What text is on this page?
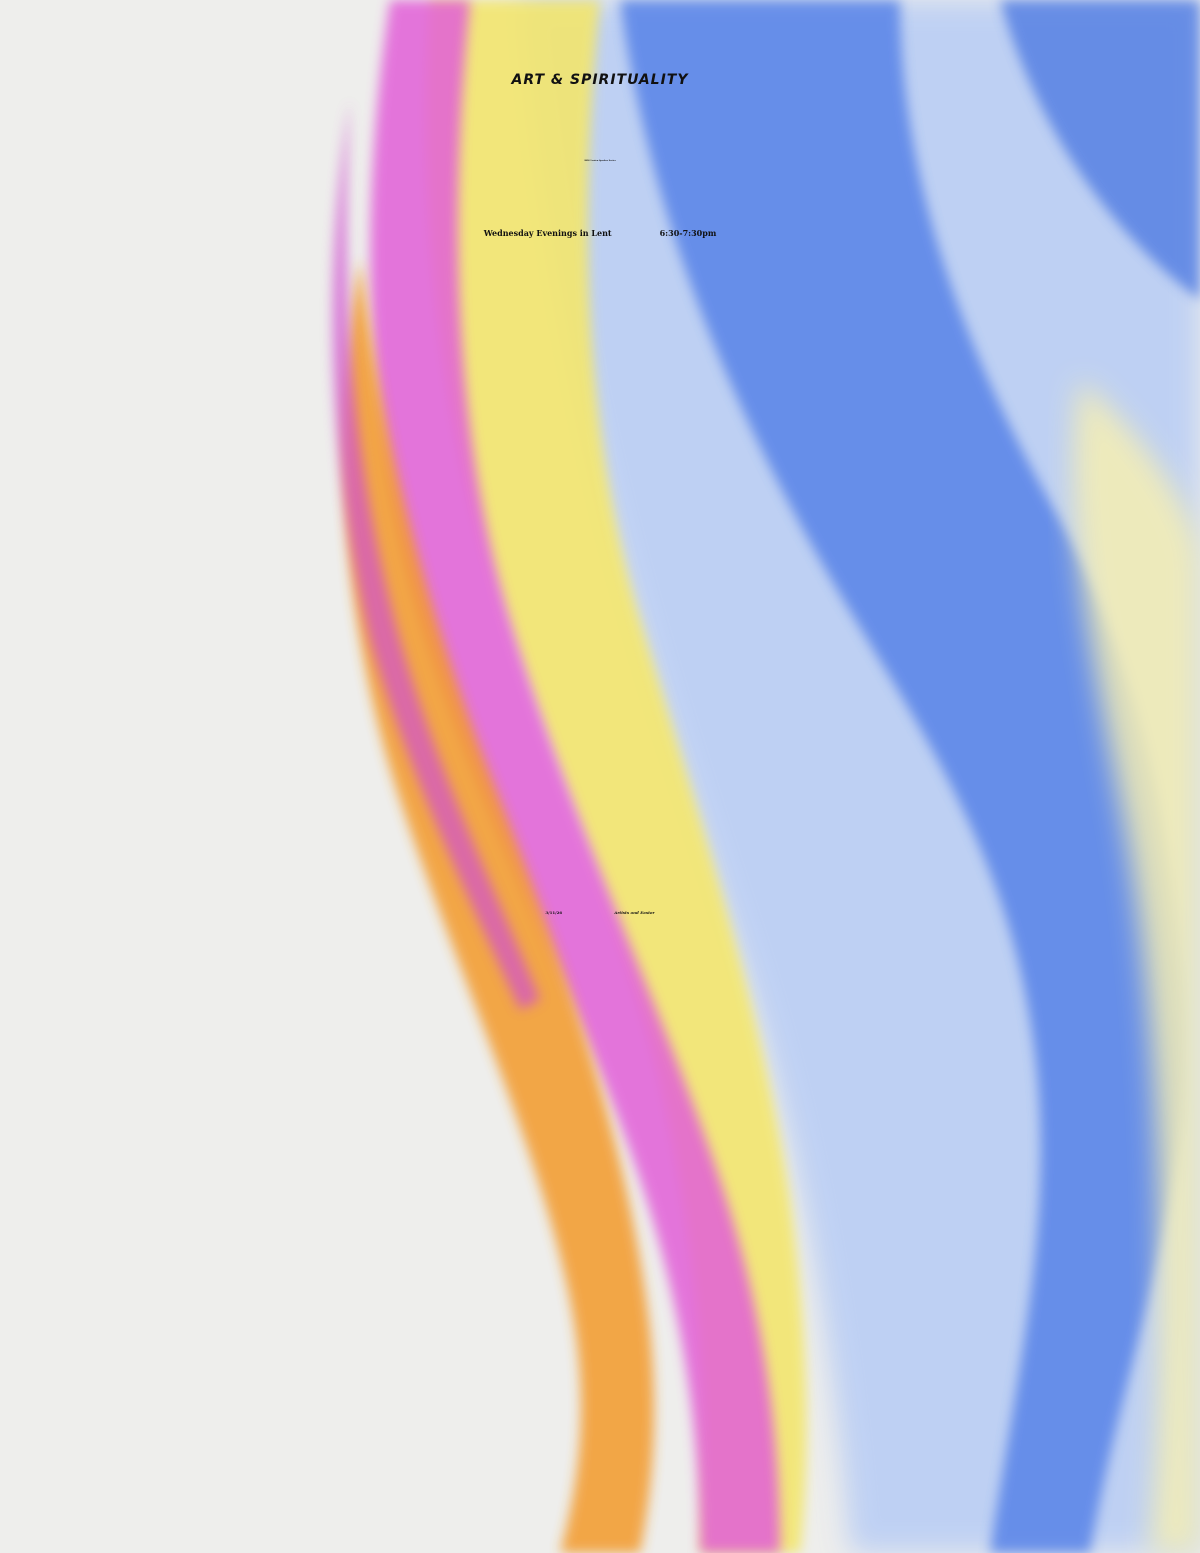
ART & SPIRITUALITY
2026 Lenten Speaker Series
Wednesday Evenings in Lent	6:30-7:30pm
3/11/26	Artists and Easter
